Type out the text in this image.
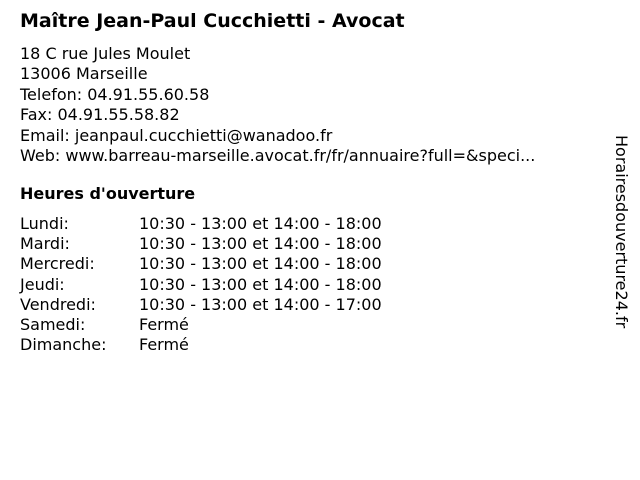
Maître Jean-Paul Cucchietti - Avocat
18 C rue Jules Moulet
13006 Marseille
Telefon: 04.91.55.60.58
Fax: 04.91.55.58.82
Email: jeanpaul.cucchietti@wanadoo.fr
Web: www.barreau-marseille.avocat.fr/fr/annuaire?full=&speci...
Heures d'ouverture
Lundi:	10:30 - 13:00 et 14:00 - 18:00
Mardi:	10:30 - 13:00 et 14:00 - 18:00
Mercredi:	10:30 - 13:00 et 14:00 - 18:00
Jeudi:	10:30 - 13:00 et 14:00 - 18:00
Vendredi:	10:30 - 13:00 et 14:00 - 17:00
Samedi:	Fermé
Dimanche:	Fermé
Horairesdouverture24.fr
